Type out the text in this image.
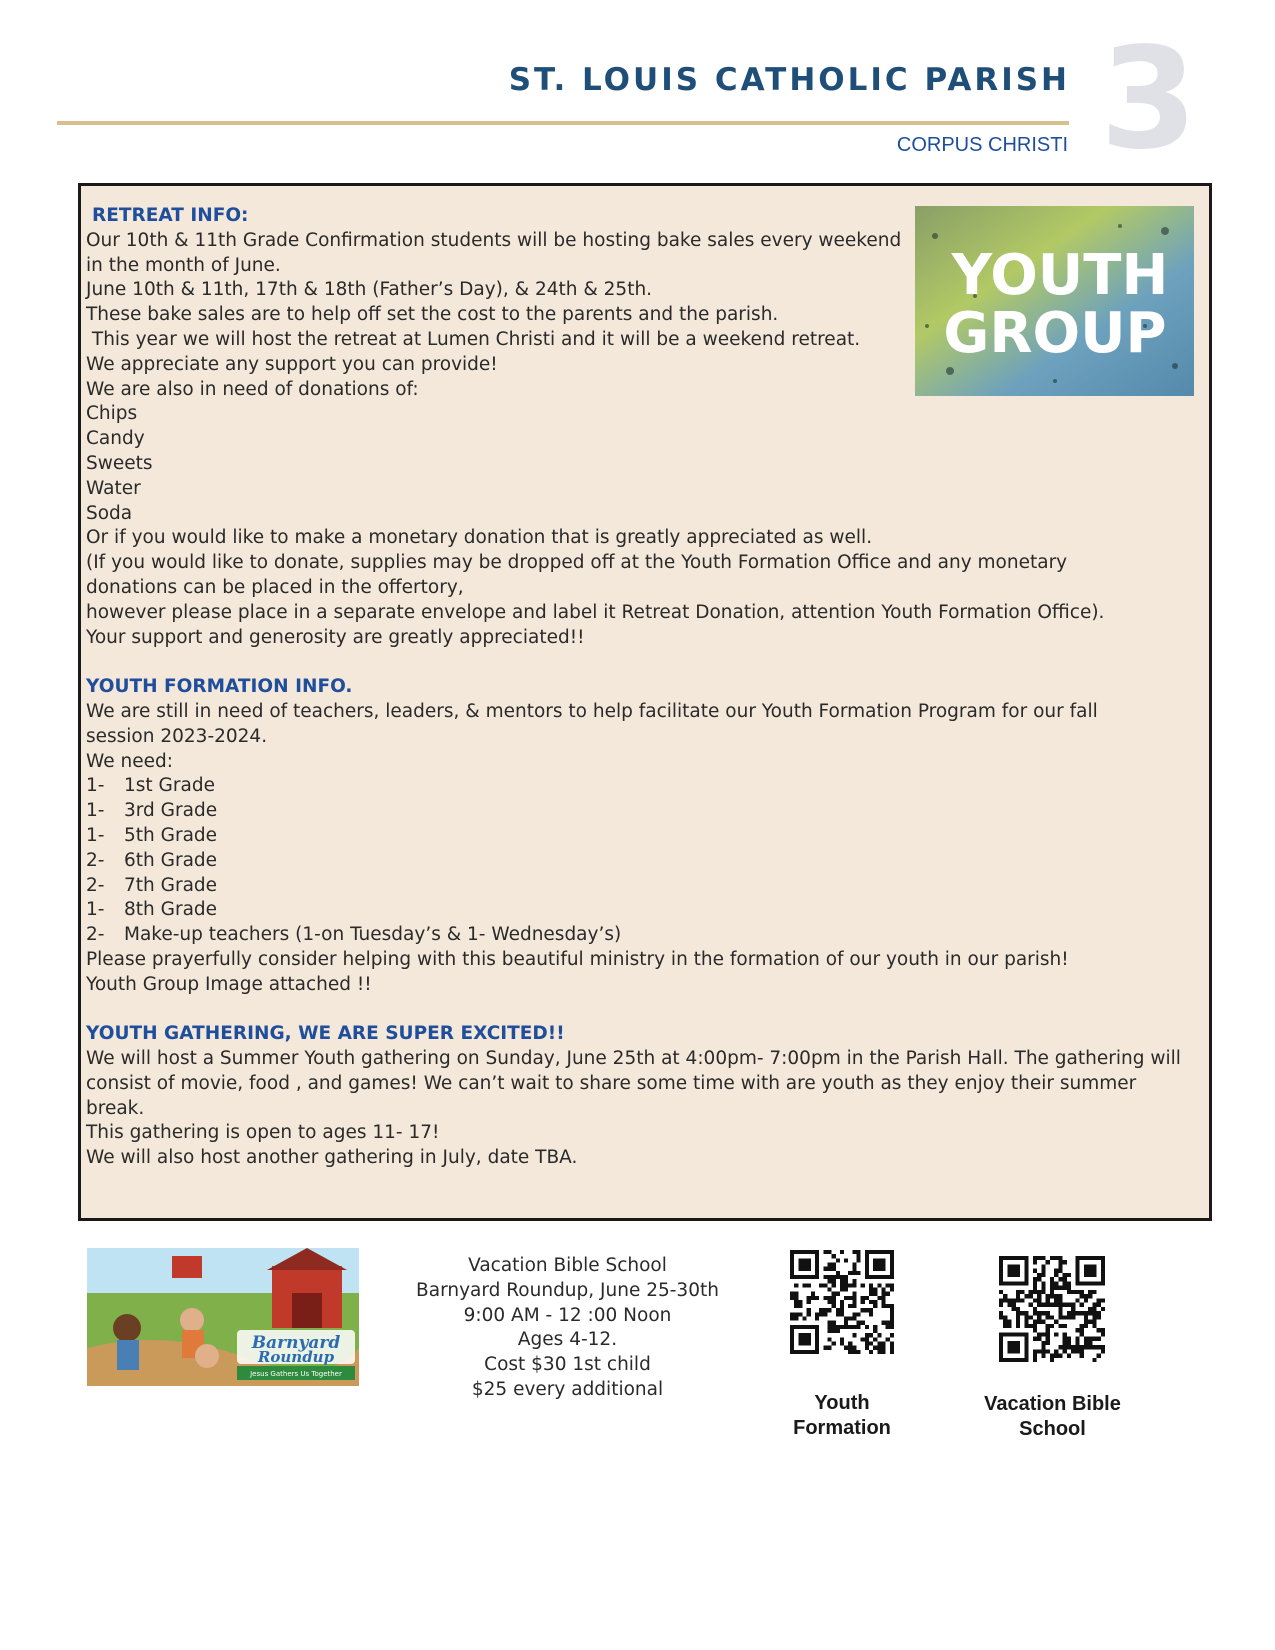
ST. LOUIS CATHOLIC PARISH
CORPUS CHRISTI 3
YOUTH
GROUP
RETREAT INFO:
Our 10th & 11th Grade Confirmation students will be hosting bake sales every weekend in the month of June.
June 10th & 11th, 17th & 18th (Father’s Day), & 24th & 25th.
These bake sales are to help off set the cost to the parents and the parish.
This year we will host the retreat at Lumen Christi and it will be a weekend retreat.
We appreciate any support you can provide!
We are also in need of donations of:
Chips
Candy
Sweets
Water
Soda
Or if you would like to make a monetary donation that is greatly appreciated as well.
(If you would like to donate, supplies may be dropped off at the Youth Formation Office and any monetary donations can be placed in the offertory,
however please place in a separate envelope and label it Retreat Donation, attention Youth Formation Office).
Your support and generosity are greatly appreciated!!
YOUTH FORMATION INFO.
We are still in need of teachers, leaders, & mentors to help facilitate our Youth Formation Program for our fall session 2023-2024.
We need:
1-	1st Grade
1-	3rd Grade
1-	5th Grade
2-	6th Grade
2-	7th Grade
1-	8th Grade
2-	Make-up teachers (1-on Tuesday’s & 1- Wednesday’s)
Please prayerfully consider helping with this beautiful ministry in the formation of our youth in our parish!
Youth Group Image attached !!
YOUTH GATHERING, WE ARE SUPER EXCITED!!
We will host a Summer Youth gathering on Sunday, June 25th at 4:00pm- 7:00pm in the Parish Hall. The gathering will consist of movie, food , and games! We can’t wait to share some time with are youth as they enjoy their summer break.
This gathering is open to ages 11- 17!
We will also host another gathering in July, date TBA.
Barnyard
Roundup
Jesus Gathers Us Together
Vacation Bible School
Barnyard Roundup, June 25-30th
9:00 AM - 12 :00 Noon
Ages 4-12.
Cost $30 1st child
$25 every additional
Youth
Formation
Vacation Bible
School
